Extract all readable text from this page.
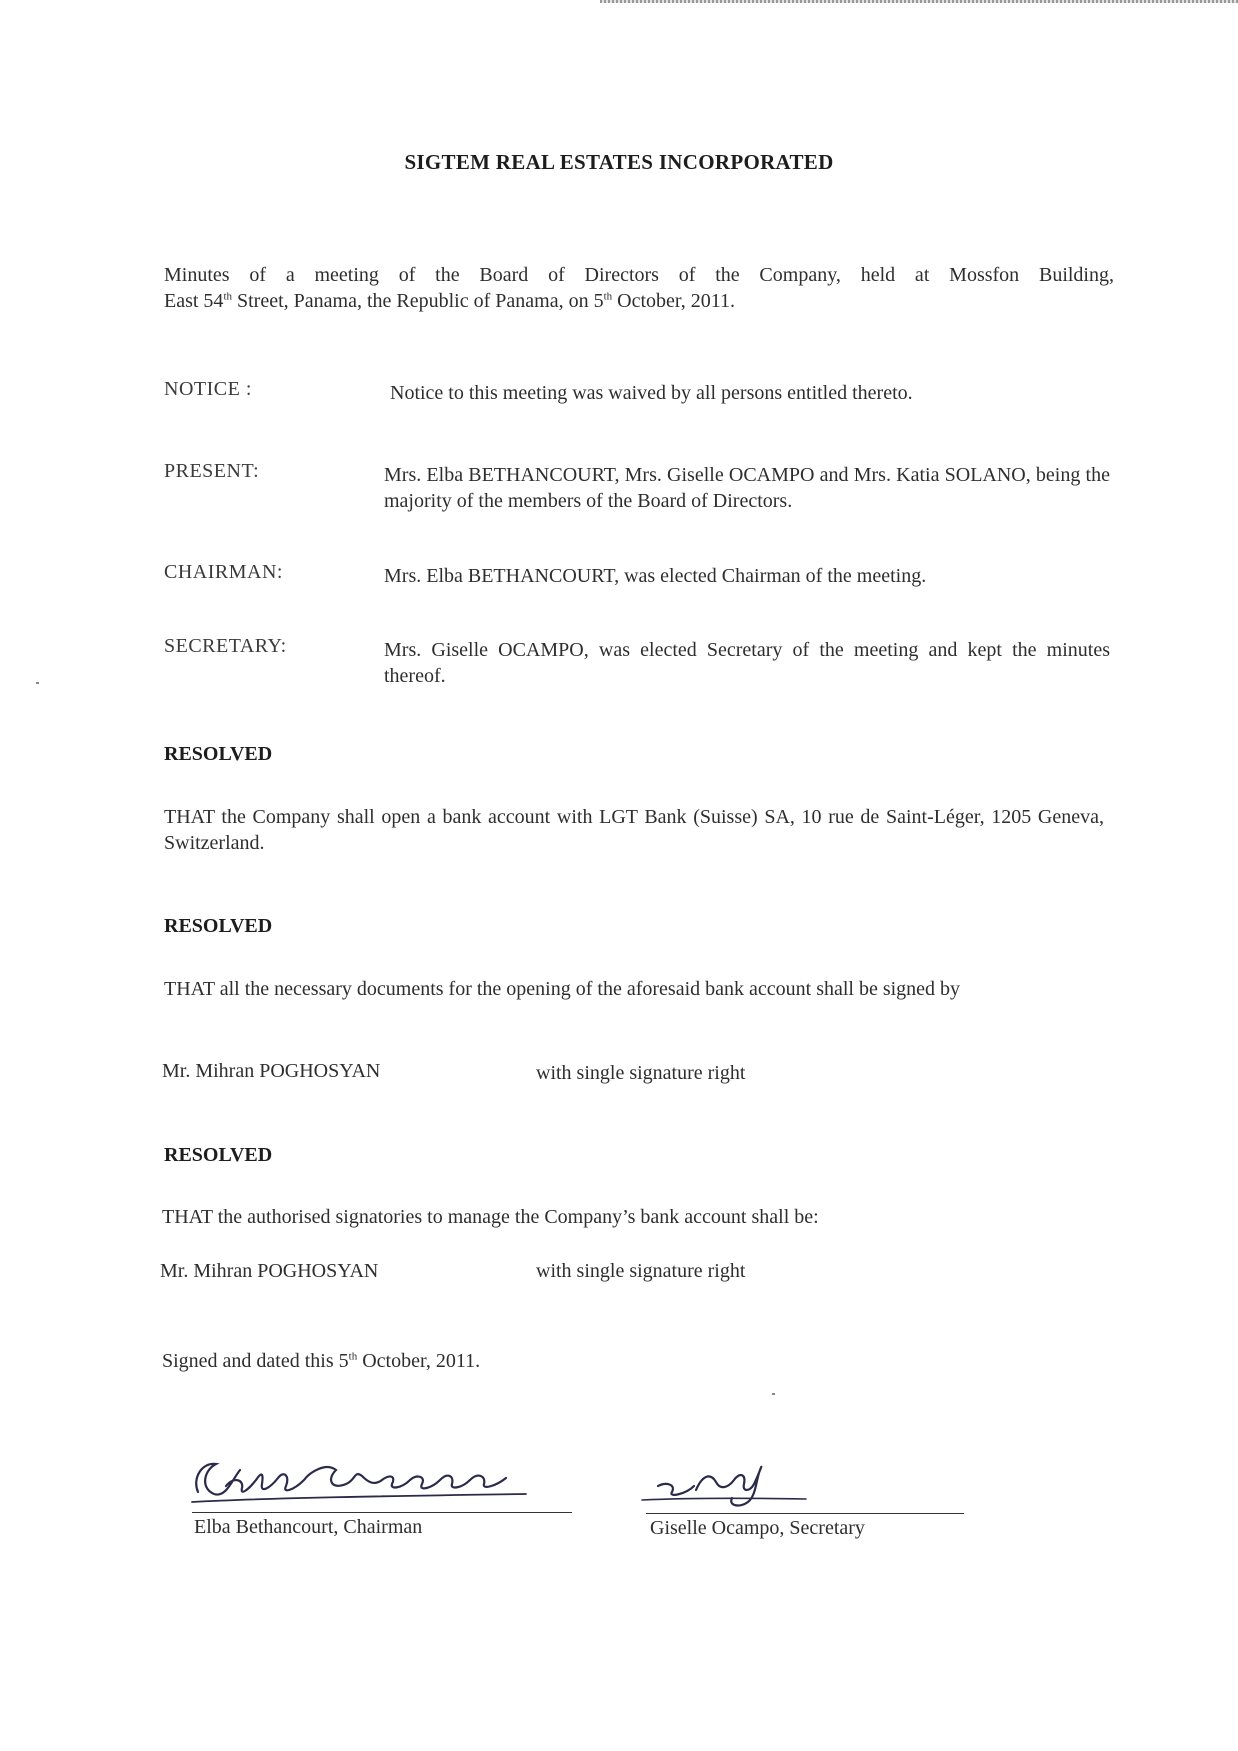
SIGTEM REAL ESTATES INCORPORATED
Minutes of a meeting of the Board of Directors of the Company, held at Mossfon Building,
East 54th Street, Panama, the Republic of Panama, on 5th October, 2011.
NOTICE :	Notice to this meeting was waived by all persons entitled thereto.
PRESENT:	Mrs. Elba BETHANCOURT, Mrs. Giselle OCAMPO and Mrs. Katia SOLANO, being the majority of the members of the Board of Directors.
CHAIRMAN:	Mrs. Elba BETHANCOURT, was elected Chairman of the meeting.
SECRETARY:	Mrs. Giselle OCAMPO, was elected Secretary of the meeting and kept the minutes thereof.
RESOLVED
THAT the Company shall open a bank account with LGT Bank (Suisse) SA, 10 rue de Saint-Léger, 1205 Geneva, Switzerland.
RESOLVED
THAT all the necessary documents for the opening of the aforesaid bank account shall be signed by
Mr. Mihran POGHOSYAN	with single signature right
RESOLVED
THAT the authorised signatories to manage the Company’s bank account shall be:
Mr. Mihran POGHOSYAN	with single signature right
Signed and dated this 5th October, 2011.
Elba Bethancourt, Chairman	Giselle Ocampo, Secretary
